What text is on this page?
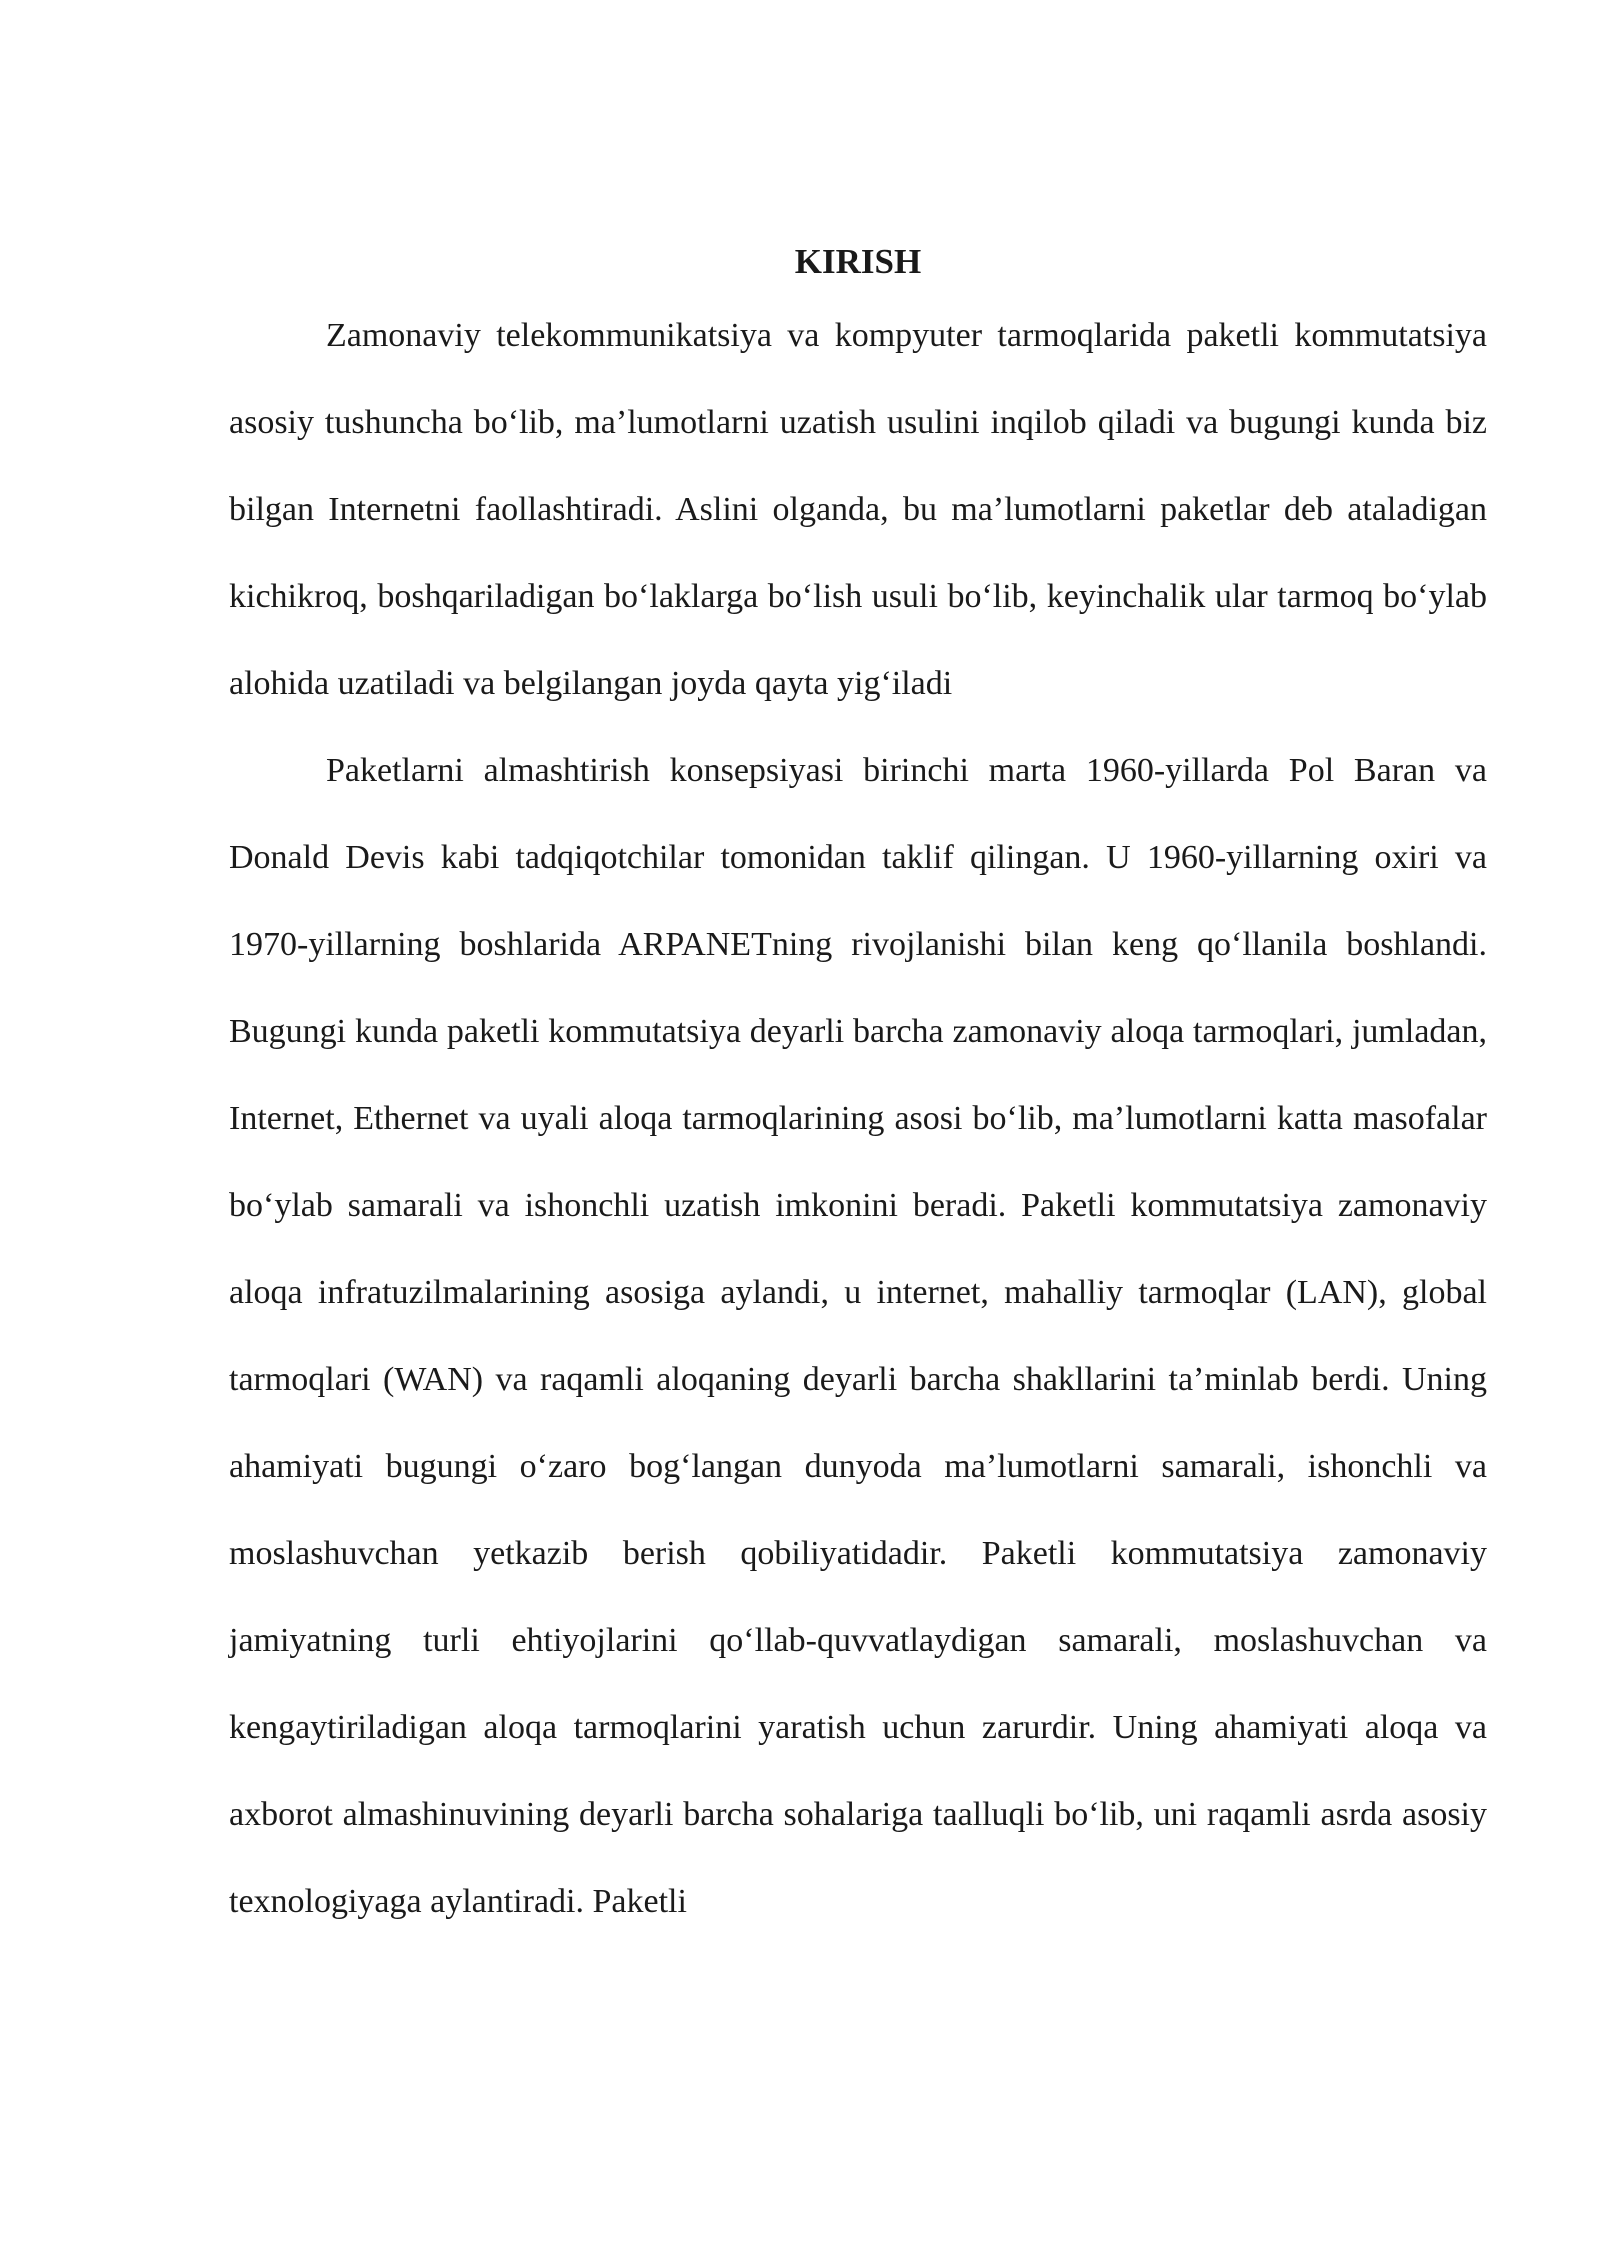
KIRISH

Zamonaviy telekommunikatsiya va kompyuter tarmoqlarida paketli kommutatsiya asosiy tushuncha bo‘lib, ma’lumotlarni uzatish usulini inqilob qiladi va bugungi kunda biz bilgan Internetni faollashtiradi. Aslini olganda, bu ma’lumotlarni paketlar deb ataladigan kichikroq, boshqariladigan bo‘laklarga bo‘lish usuli bo‘lib, keyinchalik ular tarmoq bo‘ylab alohida uzatiladi va belgilangan joyda qayta yig‘iladi

Paketlarni almashtirish konsepsiyasi birinchi marta 1960-yillarda Pol Baran va Donald Devis kabi tadqiqotchilar tomonidan taklif qilingan. U 1960-yillarning oxiri va 1970-yillarning boshlarida ARPANETning rivojlanishi bilan keng qo‘llanila boshlandi. Bugungi kunda paketli kommutatsiya deyarli barcha zamonaviy aloqa tarmoqlari, jumladan, Internet, Ethernet va uyali aloqa tarmoqlarining asosi bo‘lib, ma’lumotlarni katta masofalar bo‘ylab samarali va ishonchli uzatish imkonini beradi. Paketli kommutatsiya zamonaviy aloqa infratuzilmalarining asosiga aylandi, u internet, mahalliy tarmoqlar (LAN), global tarmoqlari (WAN) va raqamli aloqaning deyarli barcha shakllarini ta’minlab berdi. Uning ahamiyati bugungi o‘zaro bog‘langan dunyoda ma’lumotlarni samarali, ishonchli va moslashuvchan yetkazib berish qobiliyatidadir. Paketli kommutatsiya zamonaviy jamiyatning turli ehtiyojlarini qo‘llab-quvvatlaydigan samarali, moslashuvchan va kengaytiriladigan aloqa tarmoqlarini yaratish uchun zarurdir. Uning ahamiyati aloqa va axborot almashinuvining deyarli barcha sohalariga taalluqli bo‘lib, uni raqamli asrda asosiy texnologiyaga aylantiradi. Paketli
